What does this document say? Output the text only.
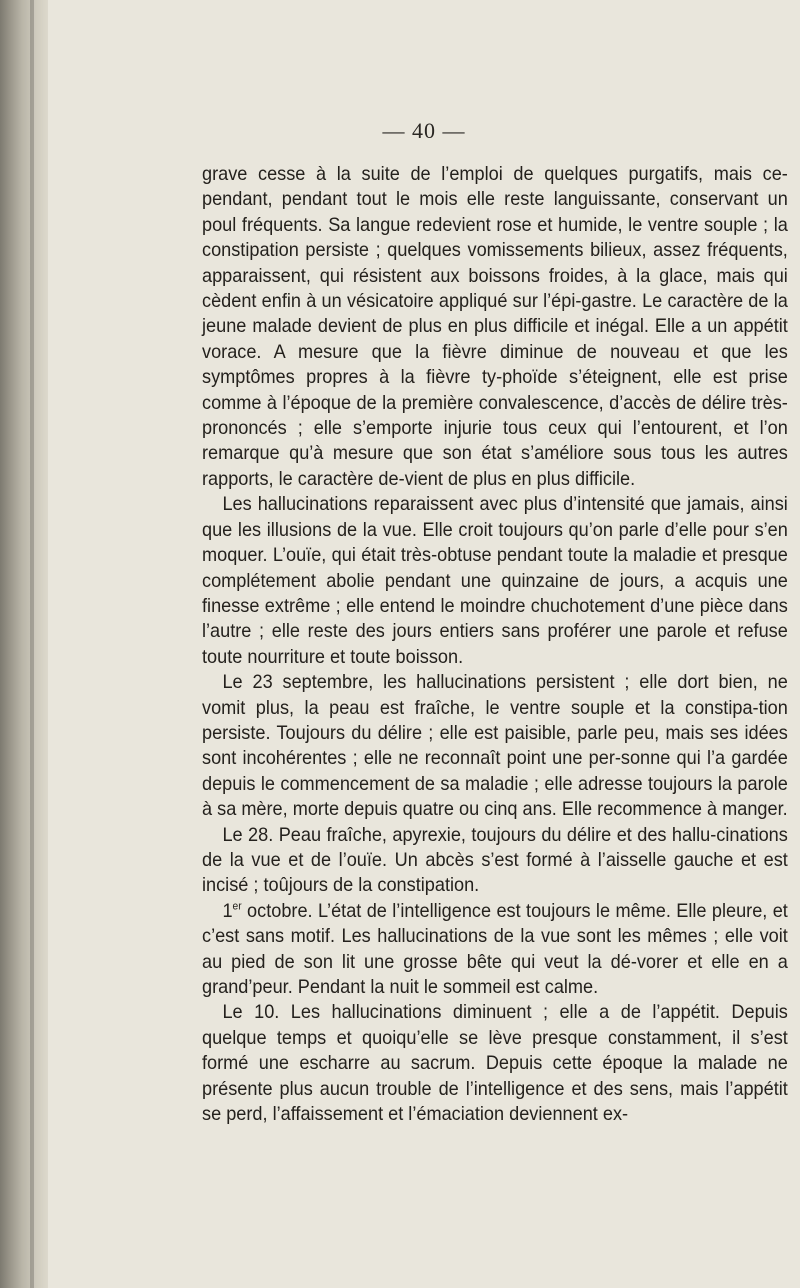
— 40 —

grave cesse à la suite de l’emploi de quelques purgatifs, mais ce-pendant, pendant tout le mois elle reste languissante, conservant un poul fréquents. Sa langue redevient rose et humide, le ventre souple ; la constipation persiste ; quelques vomissements bilieux, assez fréquents, apparaissent, qui résistent aux boissons froides, à la glace, mais qui cèdent enfin à un vésicatoire appliqué sur l’épi-gastre. Le caractère de la jeune malade devient de plus en plus difficile et inégal. Elle a un appétit vorace. A mesure que la fièvre diminue de nouveau et que les symptômes propres à la fièvre ty-phoïde s’éteignent, elle est prise comme à l’époque de la première convalescence, d’accès de délire très-prononcés ; elle s’emporte injurie tous ceux qui l’entourent, et l’on remarque qu’à mesure que son état s’améliore sous tous les autres rapports, le caractère de-vient de plus en plus difficile.

Les hallucinations reparaissent avec plus d’intensité que jamais, ainsi que les illusions de la vue. Elle croit toujours qu’on parle d’elle pour s’en moquer. L’ouïe, qui était très-obtuse pendant toute la maladie et presque complétement abolie pendant une quinzaine de jours, a acquis une finesse extrême ; elle entend le moindre chuchotement d’une pièce dans l’autre ; elle reste des jours entiers sans proférer une parole et refuse toute nourriture et toute boisson.

Le 23 septembre, les hallucinations persistent ; elle dort bien, ne vomit plus, la peau est fraîche, le ventre souple et la constipa-tion persiste. Toujours du délire ; elle est paisible, parle peu, mais ses idées sont incohérentes ; elle ne reconnaît point une per-sonne qui l’a gardée depuis le commencement de sa maladie ; elle adresse toujours la parole à sa mère, morte depuis quatre ou cinq ans. Elle recommence à manger.

Le 28. Peau fraîche, apyrexie, toujours du délire et des hallu-cinations de la vue et de l’ouïe. Un abcès s’est formé à l’aisselle gauche et est incisé ; toûjours de la constipation.

1er octobre. L’état de l’intelligence est toujours le même. Elle pleure, et c’est sans motif. Les hallucinations de la vue sont les mêmes ; elle voit au pied de son lit une grosse bête qui veut la dé-vorer et elle en a grand’peur. Pendant la nuit le sommeil est calme.

Le 10. Les hallucinations diminuent ; elle a de l’appétit. Depuis quelque temps et quoiqu’elle se lève presque constamment, il s’est formé une escharre au sacrum. Depuis cette époque la malade ne présente plus aucun trouble de l’intelligence et des sens, mais l’appétit se perd, l’affaissement et l’émaciation deviennent ex-
